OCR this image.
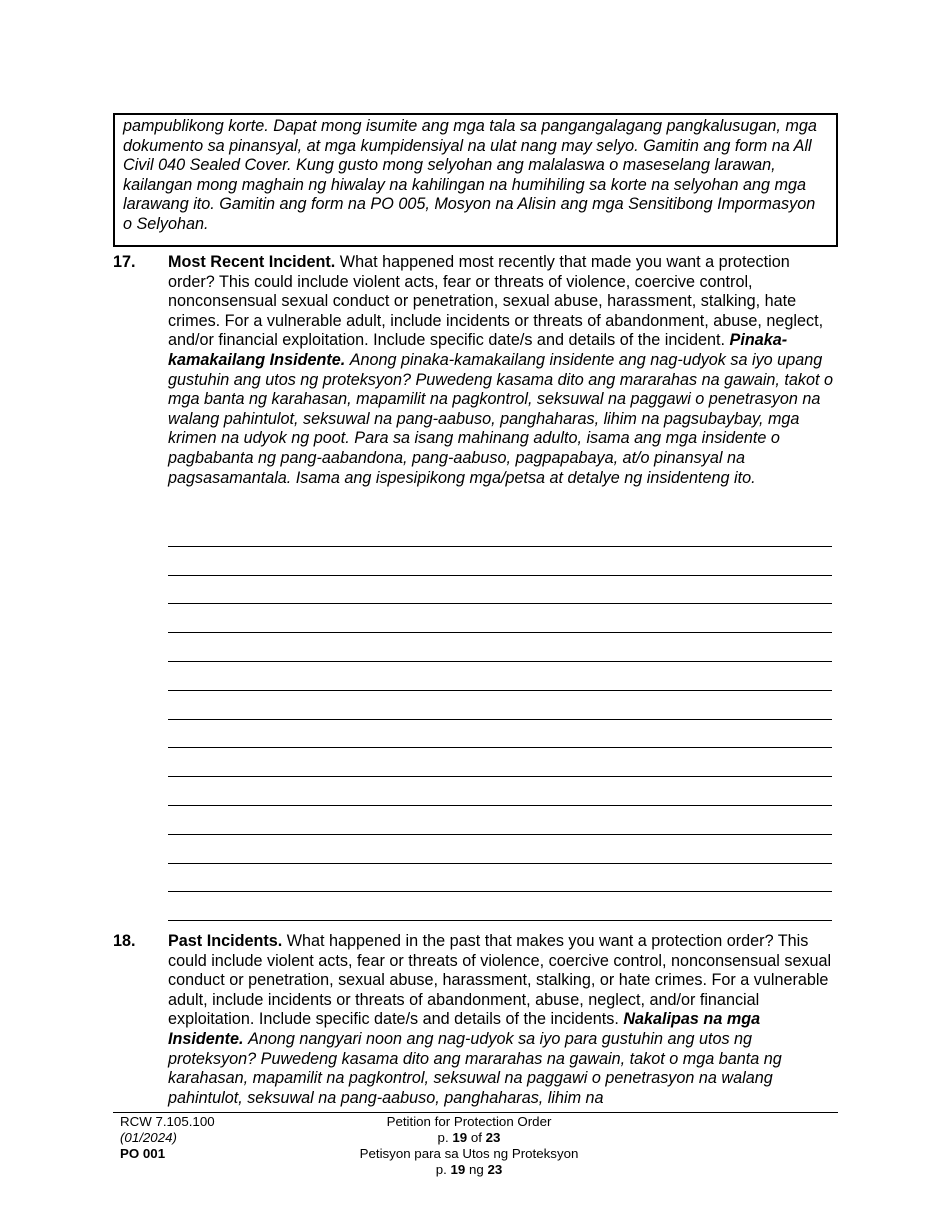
pampublikong korte. Dapat mong isumite ang mga tala sa pangangalagang pangkalusugan, mga dokumento sa pinansyal, at mga kumpidensiyal na ulat nang may selyo. Gamitin ang form na All Civil 040 Sealed Cover. Kung gusto mong selyohan ang malalaswa o maseselang larawan, kailangan mong maghain ng hiwalay na kahilingan na humihiling sa korte na selyohan ang mga larawang ito. Gamitin ang form na PO 005, Mosyon na Alisin ang mga Sensitibong Impormasyon o Selyohan.
17. Most Recent Incident. What happened most recently that made you want a protection order? This could include violent acts, fear or threats of violence, coercive control, nonconsensual sexual conduct or penetration, sexual abuse, harassment, stalking, hate crimes. For a vulnerable adult, include incidents or threats of abandonment, abuse, neglect, and/or financial exploitation. Include specific date/s and details of the incident. Pinaka-kamakailang Insidente. Anong pinaka-kamakailang insidente ang nag-udyok sa iyo upang gustuhin ang utos ng proteksyon? Puwedeng kasama dito ang mararahas na gawain, takot o mga banta ng karahasan, mapamilit na pagkontrol, seksuwal na paggawi o penetrasyon na walang pahintulot, seksuwal na pang-aabuso, panghaharas, lihim na pagsubaybay, mga krimen na udyok ng poot. Para sa isang mahinang adulto, isama ang mga insidente o pagbabanta ng pang-aabandona, pang-aabuso, pagpapabaya, at/o pinansyal na pagsasamantala. Isama ang ispesipikong mga/petsa at detalye ng insidenteng ito.
18. Past Incidents. What happened in the past that makes you want a protection order? This could include violent acts, fear or threats of violence, coercive control, nonconsensual sexual conduct or penetration, sexual abuse, harassment, stalking, or hate crimes. For a vulnerable adult, include incidents or threats of abandonment, abuse, neglect, and/or financial exploitation. Include specific date/s and details of the incidents. Nakalipas na mga Insidente. Anong nangyari noon ang nag-udyok sa iyo para gustuhin ang utos ng proteksyon? Puwedeng kasama dito ang mararahas na gawain, takot o mga banta ng karahasan, mapamilit na pagkontrol, seksuwal na paggawi o penetrasyon na walang pahintulot, seksuwal na pang-aabuso, panghaharas, lihim na
RCW 7.105.100
(01/2024)
PO 001
Petition for Protection Order
p. 19 of 23
Petisyon para sa Utos ng Proteksyon
p. 19 ng 23
